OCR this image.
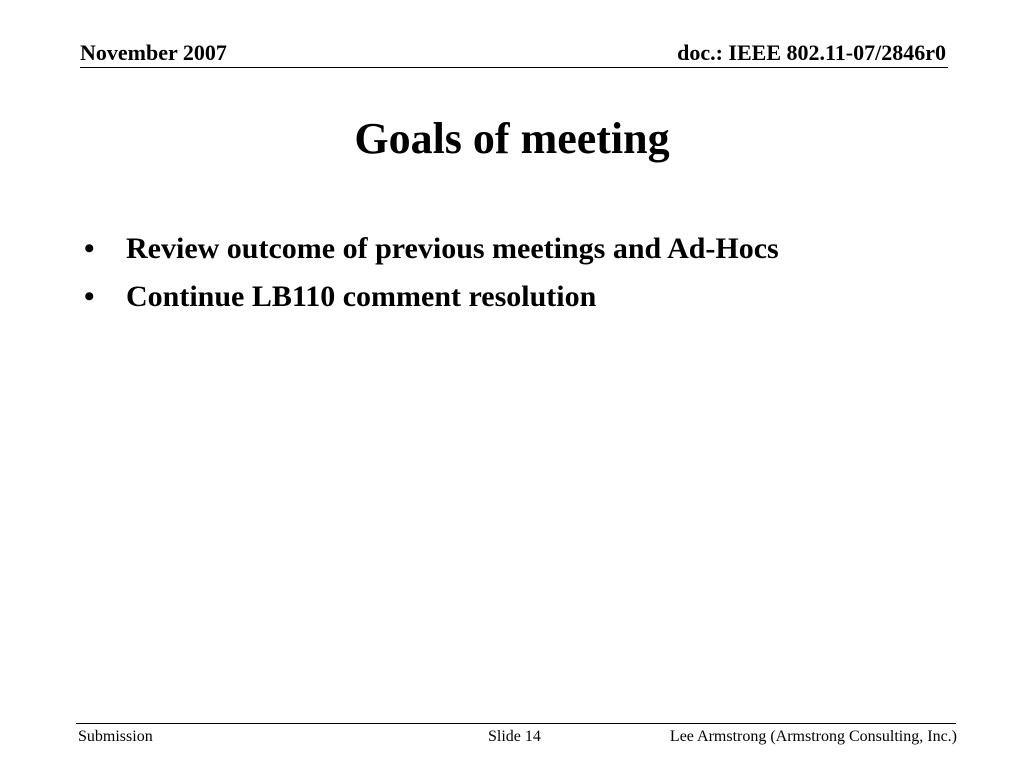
November 2007	doc.: IEEE 802.11-07/2846r0
Goals of meeting
• Review outcome of previous meetings and Ad-Hocs
• Continue LB110 comment resolution
Submission	Slide 14	Lee Armstrong (Armstrong Consulting, Inc.)
